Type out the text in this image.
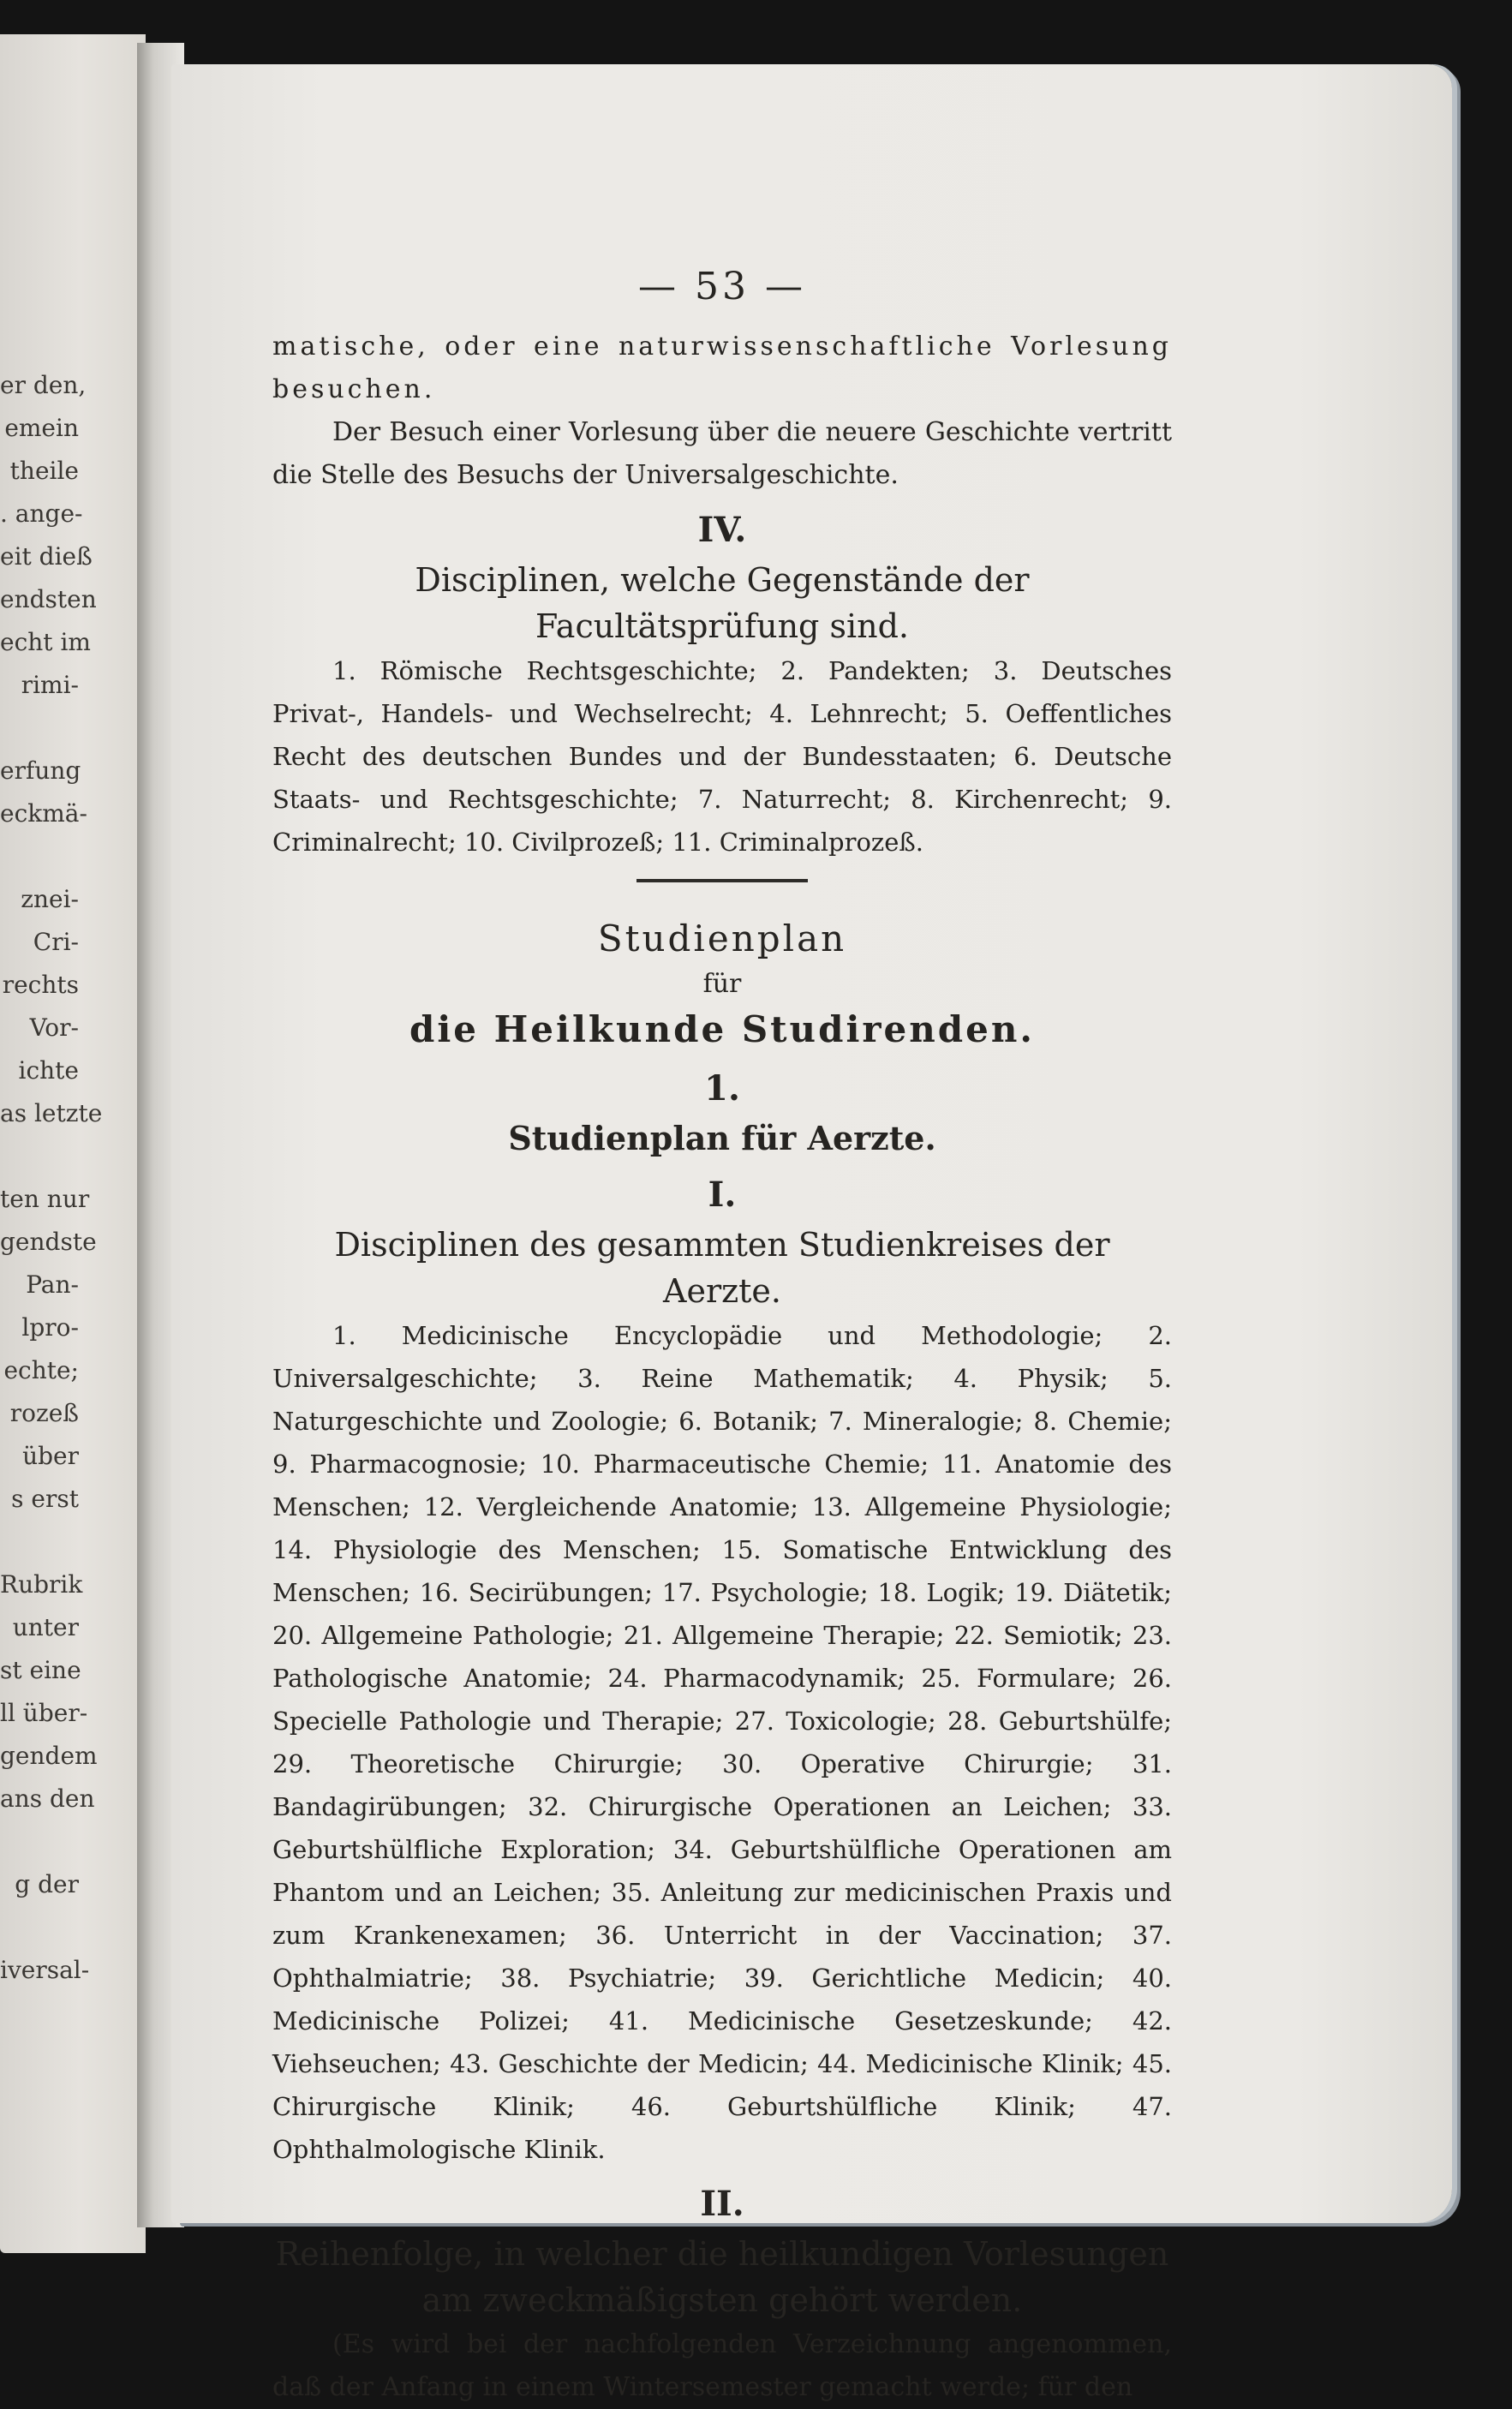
er den,
emein
theile
. ange-
eit dieß
endsten
echt im
rimi-
erfung
eckmä-
znei-
Cri-
rechts
Vor-
ichte
as letzte
ten nur
gendste
Pan-
lpro-
echte;
rozeß
über
s erst
Rubrik
unter
st eine
ll über-
gendem
ans den
g der
iversal-
— 53 —

matische, oder eine naturwissenschaftliche Vorlesung besuchen.

Der Besuch einer Vorlesung über die neuere Geschichte vertritt die Stelle des Besuchs der Universalgeschichte.

IV.
Disciplinen, welche Gegenstände der Facultätsprüfung sind.

1. Römische Rechtsgeschichte; 2. Pandekten; 3. Deutsches Privat-, Handels- und Wechselrecht; 4. Lehnrecht; 5. Oeffentliches Recht des deutschen Bundes und der Bundesstaaten; 6. Deutsche Staats- und Rechtsgeschichte; 7. Naturrecht; 8. Kirchenrecht; 9. Criminalrecht; 10. Civilprozeß; 11. Criminalprozeß.

Studienplan
für
die Heilkunde Studirenden.
1.
Studienplan für Aerzte.
I.
Disciplinen des gesammten Studienkreises der Aerzte.

1. Medicinische Encyclopädie und Methodologie; 2. Universalgeschichte; 3. Reine Mathematik; 4. Physik; 5. Naturgeschichte und Zoologie; 6. Botanik; 7. Mineralogie; 8. Chemie; 9. Pharmacognosie; 10. Pharmaceutische Chemie; 11. Anatomie des Menschen; 12. Vergleichende Anatomie; 13. Allgemeine Physiologie; 14. Physiologie des Menschen; 15. Somatische Entwicklung des Menschen; 16. Secirübungen; 17. Psychologie; 18. Logik; 19. Diätetik; 20. Allgemeine Pathologie; 21. Allgemeine Therapie; 22. Semiotik; 23. Pathologische Anatomie; 24. Pharmacodynamik; 25. Formulare; 26. Specielle Pathologie und Therapie; 27. Toxicologie; 28. Geburtshülfe; 29. Theoretische Chirurgie; 30. Operative Chirurgie; 31. Bandagirübungen; 32. Chirurgische Operationen an Leichen; 33. Geburtshülfliche Exploration; 34. Geburtshülfliche Operationen am Phantom und an Leichen; 35. Anleitung zur medicinischen Praxis und zum Krankenexamen; 36. Unterricht in der Vaccination; 37. Ophthalmiatrie; 38. Psychiatrie; 39. Gerichtliche Medicin; 40. Medicinische Polizei; 41. Medicinische Gesetzeskunde; 42. Viehseuchen; 43. Geschichte der Medicin; 44. Medicinische Klinik; 45. Chirurgische Klinik; 46. Geburtshülfliche Klinik; 47. Ophthalmologische Klinik.

II.
Reihenfolge, in welcher die heilkundigen Vorlesungen am zweckmäßigsten gehört werden.

(Es wird bei der nachfolgenden Verzeichnung angenommen, daß der Anfang in einem Wintersemester gemacht werde; für den
